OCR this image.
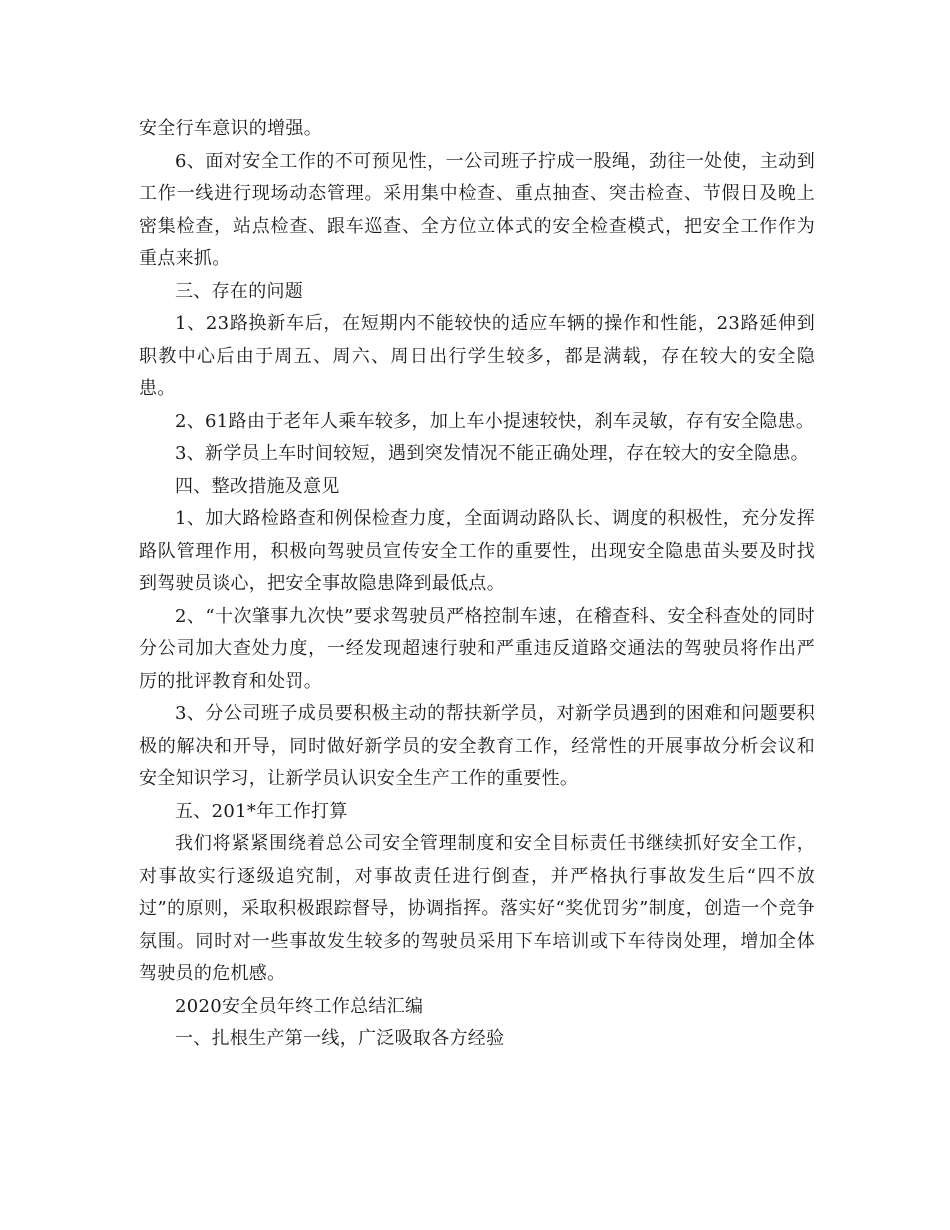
安全行车意识的增强。

6、面对安全工作的不可预见性，一公司班子拧成一股绳，劲往一处使，主动到工作一线进行现场动态管理。采用集中检查、重点抽查、突击检查、节假日及晚上密集检查，站点检查、跟车巡查、全方位立体式的安全检查模式，把安全工作作为重点来抓。

三、存在的问题

1、23路换新车后，在短期内不能较快的适应车辆的操作和性能，23路延伸到职教中心后由于周五、周六、周日出行学生较多，都是满载，存在较大的安全隐患。

2、61路由于老年人乘车较多，加上车小提速较快，刹车灵敏，存有安全隐患。

3、新学员上车时间较短，遇到突发情况不能正确处理，存在较大的安全隐患。

四、整改措施及意见

1、加大路检路查和例保检查力度，全面调动路队长、调度的积极性，充分发挥路队管理作用，积极向驾驶员宣传安全工作的重要性，出现安全隐患苗头要及时找到驾驶员谈心，把安全事故隐患降到最低点。

2、“十次肇事九次快”要求驾驶员严格控制车速，在稽查科、安全科查处的同时分公司加大查处力度，一经发现超速行驶和严重违反道路交通法的驾驶员将作出严厉的批评教育和处罚。

3、分公司班子成员要积极主动的帮扶新学员，对新学员遇到的困难和问题要积极的解决和开导，同时做好新学员的安全教育工作，经常性的开展事故分析会议和安全知识学习，让新学员认识安全生产工作的重要性。

五、201*年工作打算

我们将紧紧围绕着总公司安全管理制度和安全目标责任书继续抓好安全工作，对事故实行逐级追究制，对事故责任进行倒查，并严格执行事故发生后“四不放过”的原则，采取积极跟踪督导，协调指挥。落实好“奖优罚劣”制度，创造一个竞争氛围。同时对一些事故发生较多的驾驶员采用下车培训或下车待岗处理，增加全体驾驶员的危机感。

2020安全员年终工作总结汇编

一、扎根生产第一线，广泛吸取各方经验
